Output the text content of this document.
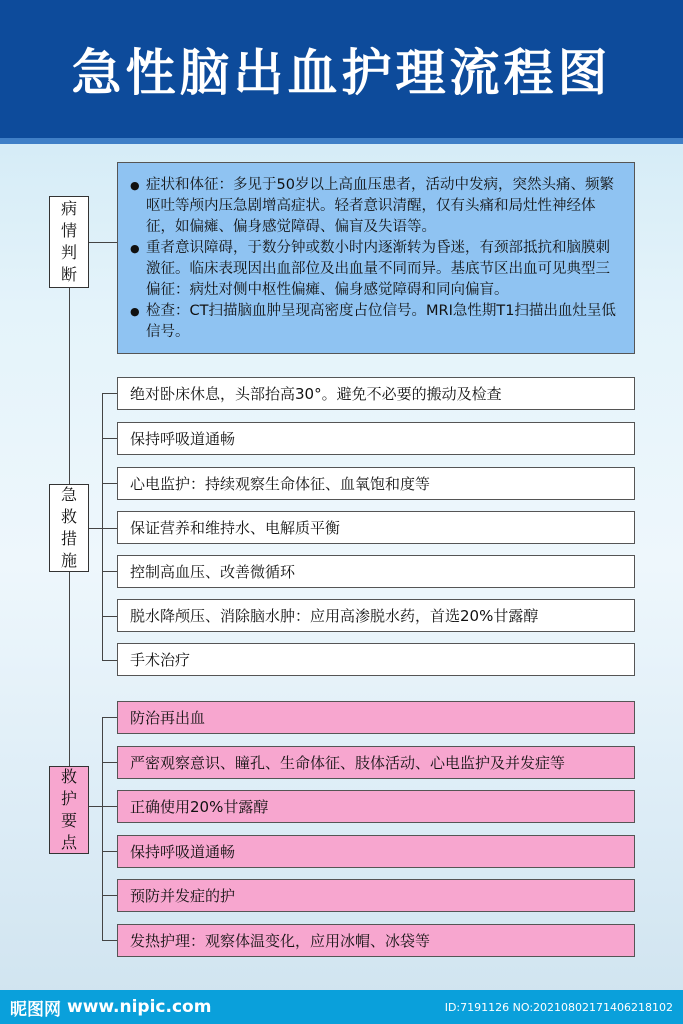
急性脑出血护理流程图
病情判断
● 症状和体征：多见于50岁以上高血压患者，活动中发病，突然头痛、频繁呕吐等颅内压急剧增高症状。轻者意识清醒，仅有头痛和局灶性神经体征，如偏瘫、偏身感觉障碍、偏盲及失语等。
● 重者意识障碍，于数分钟或数小时内逐渐转为昏迷，有颈部抵抗和脑膜刺激征。临床表现因出血部位及出血量不同而异。基底节区出血可见典型三偏征：病灶对侧中枢性偏瘫、偏身感觉障碍和同向偏盲。
● 检查：CT扫描脑血肿呈现高密度占位信号。MRI急性期T1扫描出血灶呈低信号。
急救措施
绝对卧床休息，头部抬高30°。避免不必要的搬动及检查
保持呼吸道通畅
心电监护：持续观察生命体征、血氧饱和度等
保证营养和维持水、电解质平衡
控制高血压、改善微循环
脱水降颅压、消除脑水肿：应用高渗脱水药，首选20%甘露醇
手术治疗
救护要点
防治再出血
严密观察意识、瞳孔、生命体征、肢体活动、心电监护及并发症等
正确使用20%甘露醇
保持呼吸道通畅
预防并发症的护
发热护理：观察体温变化，应用冰帽、冰袋等
昵图网 www.nipic.com	ID:7191126 NO:20210802171406218102
